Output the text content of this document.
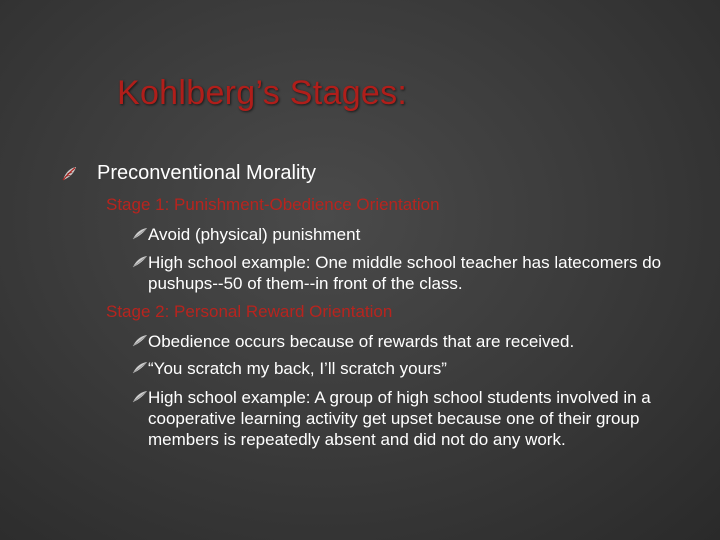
Kohlberg’s Stages:
Preconventional Morality
Stage 1: Punishment-Obedience Orientation
Avoid (physical) punishment
High school example: One middle school teacher has latecomers do pushups--50 of them--in front of the class.
Stage 2: Personal Reward Orientation
Obedience occurs because of rewards that are received.
“You scratch my back, I’ll scratch yours”
High school example: A group of high school students involved in a cooperative learning activity get upset because one of their group members is repeatedly absent and did not do any work.
